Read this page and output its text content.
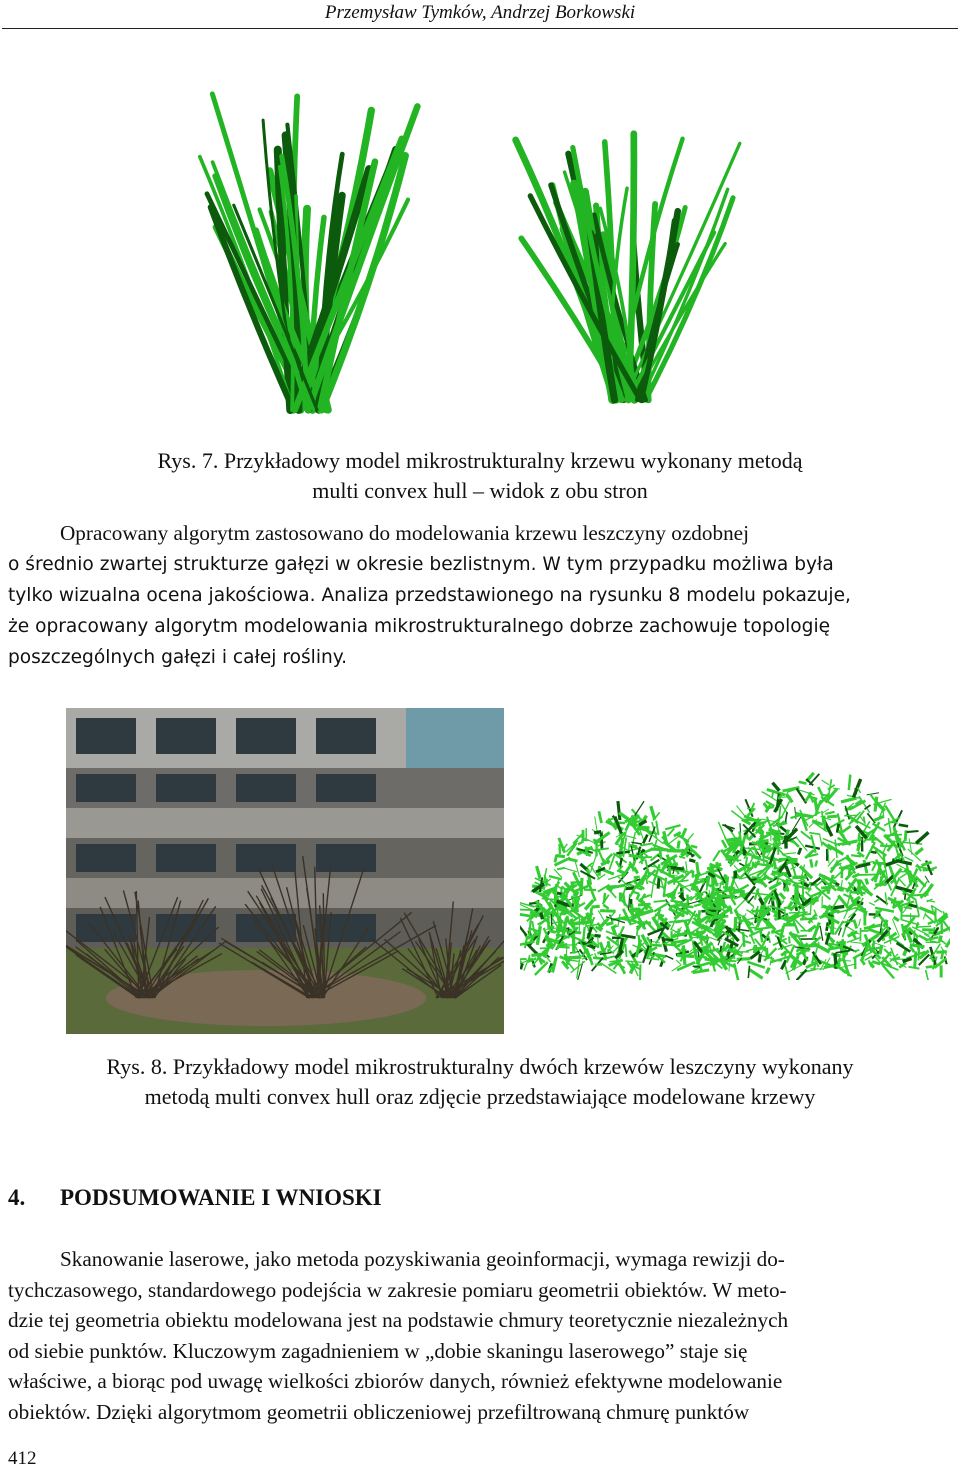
Przemysław Tymków, Andrzej Borkowski
Rys. 7. Przykładowy model mikrostrukturalny krzewu wykonany metodą
multi convex hull – widok z obu stron
Opracowany algorytm zastosowano do modelowania krzewu leszczyny ozdobnej
o średnio zwartej strukturze gałęzi w okresie bezlistnym. W tym przypadku możliwa była
tylko wizualna ocena jakościowa. Analiza przedstawionego na rysunku 8 modelu pokazuje,
że opracowany algorytm modelowania mikrostrukturalnego dobrze zachowuje topologię
poszczególnych gałęzi i całej rośliny.
Rys. 8. Przykładowy model mikrostrukturalny dwóch krzewów leszczyny wykonany
metodą multi convex hull oraz zdjęcie przedstawiające modelowane krzewy
4. PODSUMOWANIE I WNIOSKI
Skanowanie laserowe, jako metoda pozyskiwania geoinformacji, wymaga rewizji do-
tychczasowego, standardowego podejścia w zakresie pomiaru geometrii obiektów. W meto-
dzie tej geometria obiektu modelowana jest na podstawie chmury teoretycznie niezależnych
od siebie punktów. Kluczowym zagadnieniem w „dobie skaningu laserowego” staje się
właściwe, a biorąc pod uwagę wielkości zbiorów danych, również efektywne modelowanie
obiektów. Dzięki algorytmom geometrii obliczeniowej przefiltrowaną chmurę punktów
412
